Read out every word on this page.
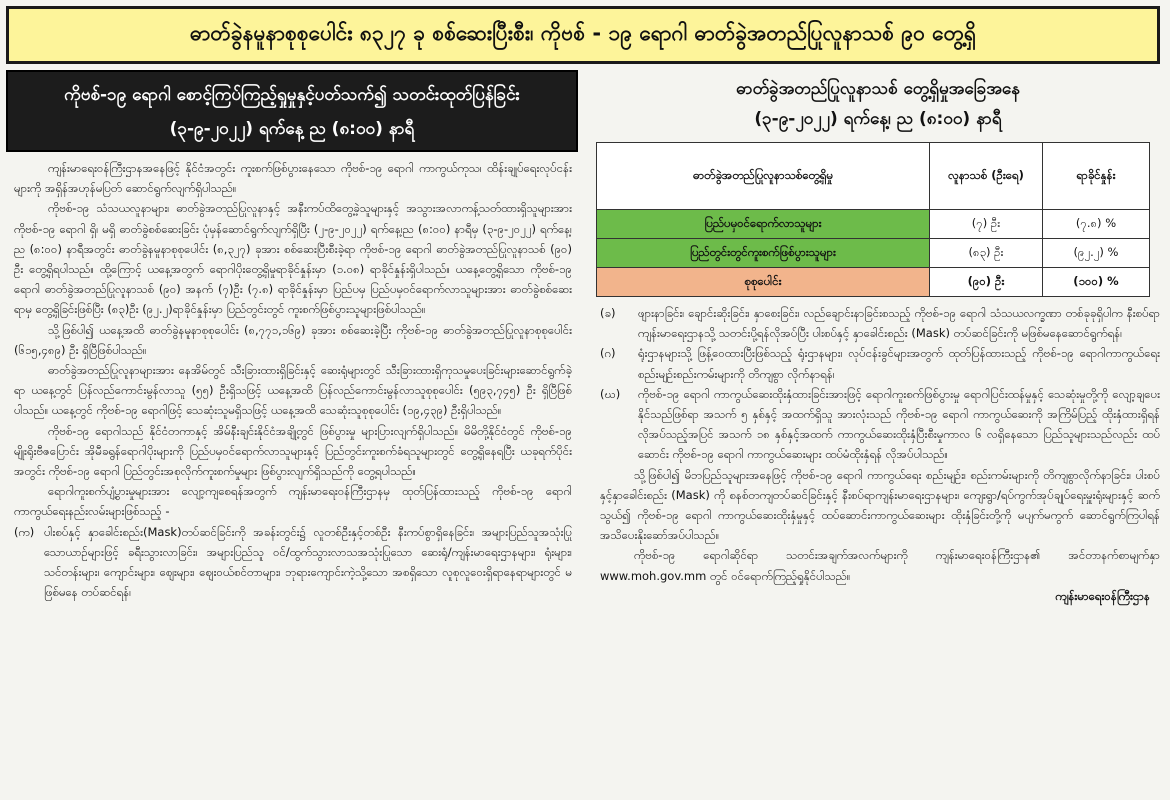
ဓာတ်ခွဲနမူနာစုစုပေါင်း ၈၃၂၇ ခု စစ်ဆေးပြီးစီး၊ ကိုဗစ် - ၁၉ ရောဂါ ဓာတ်ခွဲအတည်ပြုလူနာသစ် ၉၀ တွေ့ရှိ
ကိုဗစ်-၁၉ ရောဂါ စောင့်ကြပ်ကြည့်ရှုမှုနှင့်ပတ်သက်၍ သတင်းထုတ်ပြန်ခြင်း
(၃-၉-၂၀၂၂) ရက်နေ့ ည (၈:၀၀) နာရီ

ကျန်းမာရေးဝန်ကြီးဌာနအနေဖြင့် နိုင်ငံအတွင်း ကူးစက်ဖြစ်ပွားနေသော ကိုဗစ်-၁၉ ရောဂါ ကာကွယ်ကုသ၊ ထိန်းချုပ်ရေးလုပ်ငန်းများကို အရှိန်အဟုန်မပြတ် ဆောင်ရွက်လျက်ရှိပါသည်။

ကိုဗစ်-၁၉ သံသယလူနာများ၊ ဓာတ်ခွဲအတည်ပြုလူနာနှင့် အနီးကပ်ထိတွေ့ခဲ့သူများနှင့် အသွားအလာကန့်သတ်ထားရှိသူများအား ကိုဗစ်-၁၉ ရောဂါ ရှိ၊ မရှိ ဓာတ်ခွဲစစ်ဆေးခြင်း ပုံမှန်ဆောင်ရွက်လျက်ရှိပြီး (၂-၉-၂၀၂၂) ရက်နေ့၊ည (၈:၀၀) နာရီမှ (၃-၉-၂၀၂၂) ရက်နေ့၊ည (၈:၀၀) နာရီအတွင်း ဓာတ်ခွဲနမူနာစုစုပေါင်း (၈,၃၂၇) ခုအား စစ်ဆေးပြီးစီးခဲ့ရာ ကိုဗစ်-၁၉ ရောဂါ ဓာတ်ခွဲအတည်ပြုလူနာသစ် (၉၀) ဦး တွေ့ရှိရပါသည်။ ထို့ကြောင့် ယနေ့အတွက် ရောဂါပိုးတွေ့ရှိမှုရာခိုင်နှုန်းမှာ (၁.၀၈) ရာခိုင်နှုန်းရှိပါသည်။ ယနေ့တွေ့ရှိသော ကိုဗစ်-၁၉ ရောဂါ ဓာတ်ခွဲအတည်ပြုလူနာသစ် (၉၀) အနက် (၇)ဦး (၇.၈) ရာခိုင်နှုန်းမှာ ပြည်ပမှ ပြည်ပမှဝင်ရောက်လာသူများအား ဓာတ်ခွဲစစ်ဆေးရာမှ တွေ့ရှိခြင်းဖြစ်ပြီး (၈၃)ဦး (၉၂.၂)ရာခိုင်နှုန်းမှာ ပြည်တွင်းတွင် ကူးစက်ဖြစ်ပွားသူများဖြစ်ပါသည်။

သို့ဖြစ်ပါ၍ ယနေ့အထိ ဓာတ်ခွဲနမူနာစုစုပေါင်း (၈,၇၇၁,၁၆၉) ခုအား စစ်ဆေးခဲ့ပြီး ကိုဗစ်-၁၉ ဓာတ်ခွဲအတည်ပြုလူနာစုစုပေါင်း (၆၁၅,၄၈၉) ဦး ရှိပြီဖြစ်ပါသည်။

ဓာတ်ခွဲအတည်ပြုလူနာများအား နေအိမ်တွင် သီးခြားထားရှိခြင်းနှင့် ဆေးရုံများတွင် သီးခြားထားရှိကုသမှုပေးခြင်းများဆောင်ရွက်ခဲ့ရာ ယနေ့တွင် ပြန်လည်ကောင်းမွန်လာသူ (၅၅) ဦးရှိသဖြင့် ယနေ့အထိ ပြန်လည်ကောင်းမွန်လာသူစုစုပေါင်း (၅၉၃,၇၄၅) ဦး ရှိပြီဖြစ်ပါသည်။ ယနေ့တွင် ကိုဗစ်-၁၉ ရောဂါဖြင့် သေဆုံးသူမရှိသဖြင့် ယနေ့အထိ သေဆုံးသူစုစုပေါင်း (၁၉,၄၃၉) ဦးရှိပါသည်။

ကိုဗစ်-၁၉ ရောဂါသည် နိုင်ငံတကာနှင့် အိမ်နီးချင်းနိုင်ငံအချို့တွင် ဖြစ်ပွားမှု များပြားလျက်ရှိပါသည်။ မိမိတို့နိုင်ငံတွင် ကိုဗစ်-၁၉ မျိုးရိုးဗီဇပြောင်း အိုမီခရွန်ရောဂါပိုးများကို ပြည်ပမှဝင်ရောက်လာသူများနှင့် ပြည်တွင်းကူးစက်ခံရသူများတွင် တွေ့ရှိနေရပြီး ယခုရက်ပိုင်းအတွင်း ကိုဗစ်-၁၉ ရောဂါ ပြည်တွင်းအစုလိုက်ကူးစက်မှုများ ဖြစ်ပွားလျက်ရှိသည်ကို တွေ့ရပါသည်။

ရောဂါကူးစက်ပျံ့ပွားမှုများအား လျော့ကျစေရန်အတွက် ကျန်းမာရေးဝန်ကြီးဌာနမှ ထုတ်ပြန်ထားသည့် ကိုဗစ်-၁၉ ရောဂါ ကာကွယ်ရေးနည်းလမ်းများဖြစ်သည့် -

(က) ပါးစပ်နှင့် နှာခေါင်းစည်း(Mask)တပ်ဆင်ခြင်းကို အခန်းတွင်း၌ လူတစ်ဦးနှင့်တစ်ဦး နီးကပ်စွာရှိနေခြင်း၊ အများပြည်သူအသုံးပြုသောယာဉ်များဖြင့် ခရီးသွားလာခြင်း၊ အများပြည်သူ ဝင်/ထွက်သွားလာသအသုံးပြုသော ဆေးရုံ/ကျန်းမာရေးဌာနများ၊ ရုံးများ၊ သင်တန်းများ၊ ကျောင်းများ၊ ဈေးများ၊ ဈေးဝယ်စင်တာများ၊ ဘုရားကျောင်းကဲ့သို့သော အစရှိသော လူစုလူဝေးရှိရာနေရာများတွင် မဖြစ်မနေ တပ်ဆင်ရန်၊
ဓာတ်ခွဲအတည်ပြုလူနာသစ် တွေ့ရှိမှုအခြေအနေ
(၃-၉-၂၀၂၂) ရက်နေ့၊ ည (၈:၀၀) နာရီ
ဓာတ်ခွဲအတည်ပြုလူနာသစ်တွေ့ရှိမှု	လူနာသစ် (ဦးရေ)	ရာခိုင်နှုန်း
ပြည်ပမှဝင်ရောက်လာသူများ	(၇) ဦး	(၇.၈) %
ပြည်တွင်းတွင်ကူးစက်ဖြစ်ပွားသူများ	(၈၃) ဦး	(၉၂.၂) %
စုစုပေါင်း	(၉၀) ဦး	(၁၀၀) %
(ခ)	ဖျားနာခြင်း၊ ချောင်းဆိုးခြင်း၊ နှာစေးခြင်း၊ လည်ချောင်းနာခြင်းစသည့် ကိုဗစ်-၁၉ ရောဂါ သံသယလက္ခဏာ တစ်ခုခုရှိပါက နီးစပ်ရာကျန်းမာရေးဌာနသို့ သတင်းပို့ရန်လိုအပ်ပြီး ပါးစပ်နှင့် နှာခေါင်းစည်း (Mask) တပ်ဆင်ခြင်းကို မဖြစ်မနေဆောင်ရွက်ရန်၊
(ဂ)	ရုံးဌာနများသို့ ဖြန့်ဝေထားပြီးဖြစ်သည့် ရုံးဌာနများ၊ လုပ်ငန်းခွင်များအတွက် ထုတ်ပြန်ထားသည့် ကိုဗစ်-၁၉ ရောဂါကာကွယ်ရေး စည်းမျဉ်းစည်းကမ်းများကို တိကျစွာ လိုက်နာရန်၊
(ဃ)	ကိုဗစ်-၁၉ ရောဂါ ကာကွယ်ဆေးထိုးနှံထားခြင်းအားဖြင့် ရောဂါကူးစက်ဖြစ်ပွားမှု ရောဂါပြင်းထန်မှုနှင့် သေဆုံးမှုတို့ကို လျော့ချပေးနိုင်သည်ဖြစ်ရာ အသက် ၅ နှစ်နှင့် အထက်ရှိသူ အားလုံးသည် ကိုဗစ်-၁၉ ရောဂါ ကာကွယ်ဆေးကို အကြိမ်ပြည့် ထိုးနှံထားရှိရန် လိုအပ်သည့်အပြင် အသက် ၁၈ နှစ်နှင့်အထက် ကာကွယ်ဆေးထိုးနှံပြီးစီးမှုကာလ ၆ လရှိနေသော ပြည်သူများသည်လည်း ထပ်ဆောင်း ကိုဗစ်-၁၉ ရောဂါ ကာကွယ်ဆေးများ ထပ်မံထိုးနှံရန် လိုအပ်ပါသည်။

သို့ဖြစ်ပါ၍ မိဘပြည်သူများအနေဖြင့် ကိုဗစ်-၁၉ ရောဂါ ကာကွယ်ရေး စည်းမျဉ်း၊ စည်းကမ်းများကို တိကျစွာလိုက်နာခြင်း၊ ပါးစပ်နှင့်နှာခေါင်းစည်း (Mask) ကို စနစ်တကျတပ်ဆင်ခြင်းနှင့် နီးစပ်ရာကျန်းမာရေးဌာနများ၊ ကျေးရွာ/ရပ်ကွက်အုပ်ချုပ်ရေးမှူးရုံးများနှင့် ဆက်သွယ်၍ ကိုဗစ်-၁၉ ရောဂါ ကာကွယ်ဆေးထိုးနှံမှုနှင့် ထပ်ဆောင်းကာကွယ်ဆေးများ ထိုးနှံခြင်းတို့ကို မပျက်မကွက် ဆောင်ရွက်ကြပါရန် အသိပေးနိုးဆော်အပ်ပါသည်။

ကိုဗစ်-၁၉ ရောဂါဆိုင်ရာ သတင်းအချက်အလက်များကို ကျန်းမာရေးဝန်ကြီးဌာန၏ အင်တာနက်စာမျက်နှာ www.moh.gov.mm တွင် ဝင်ရောက်ကြည့်ရှုနိုင်ပါသည်။

ကျန်းမာရေးဝန်ကြီးဌာန
